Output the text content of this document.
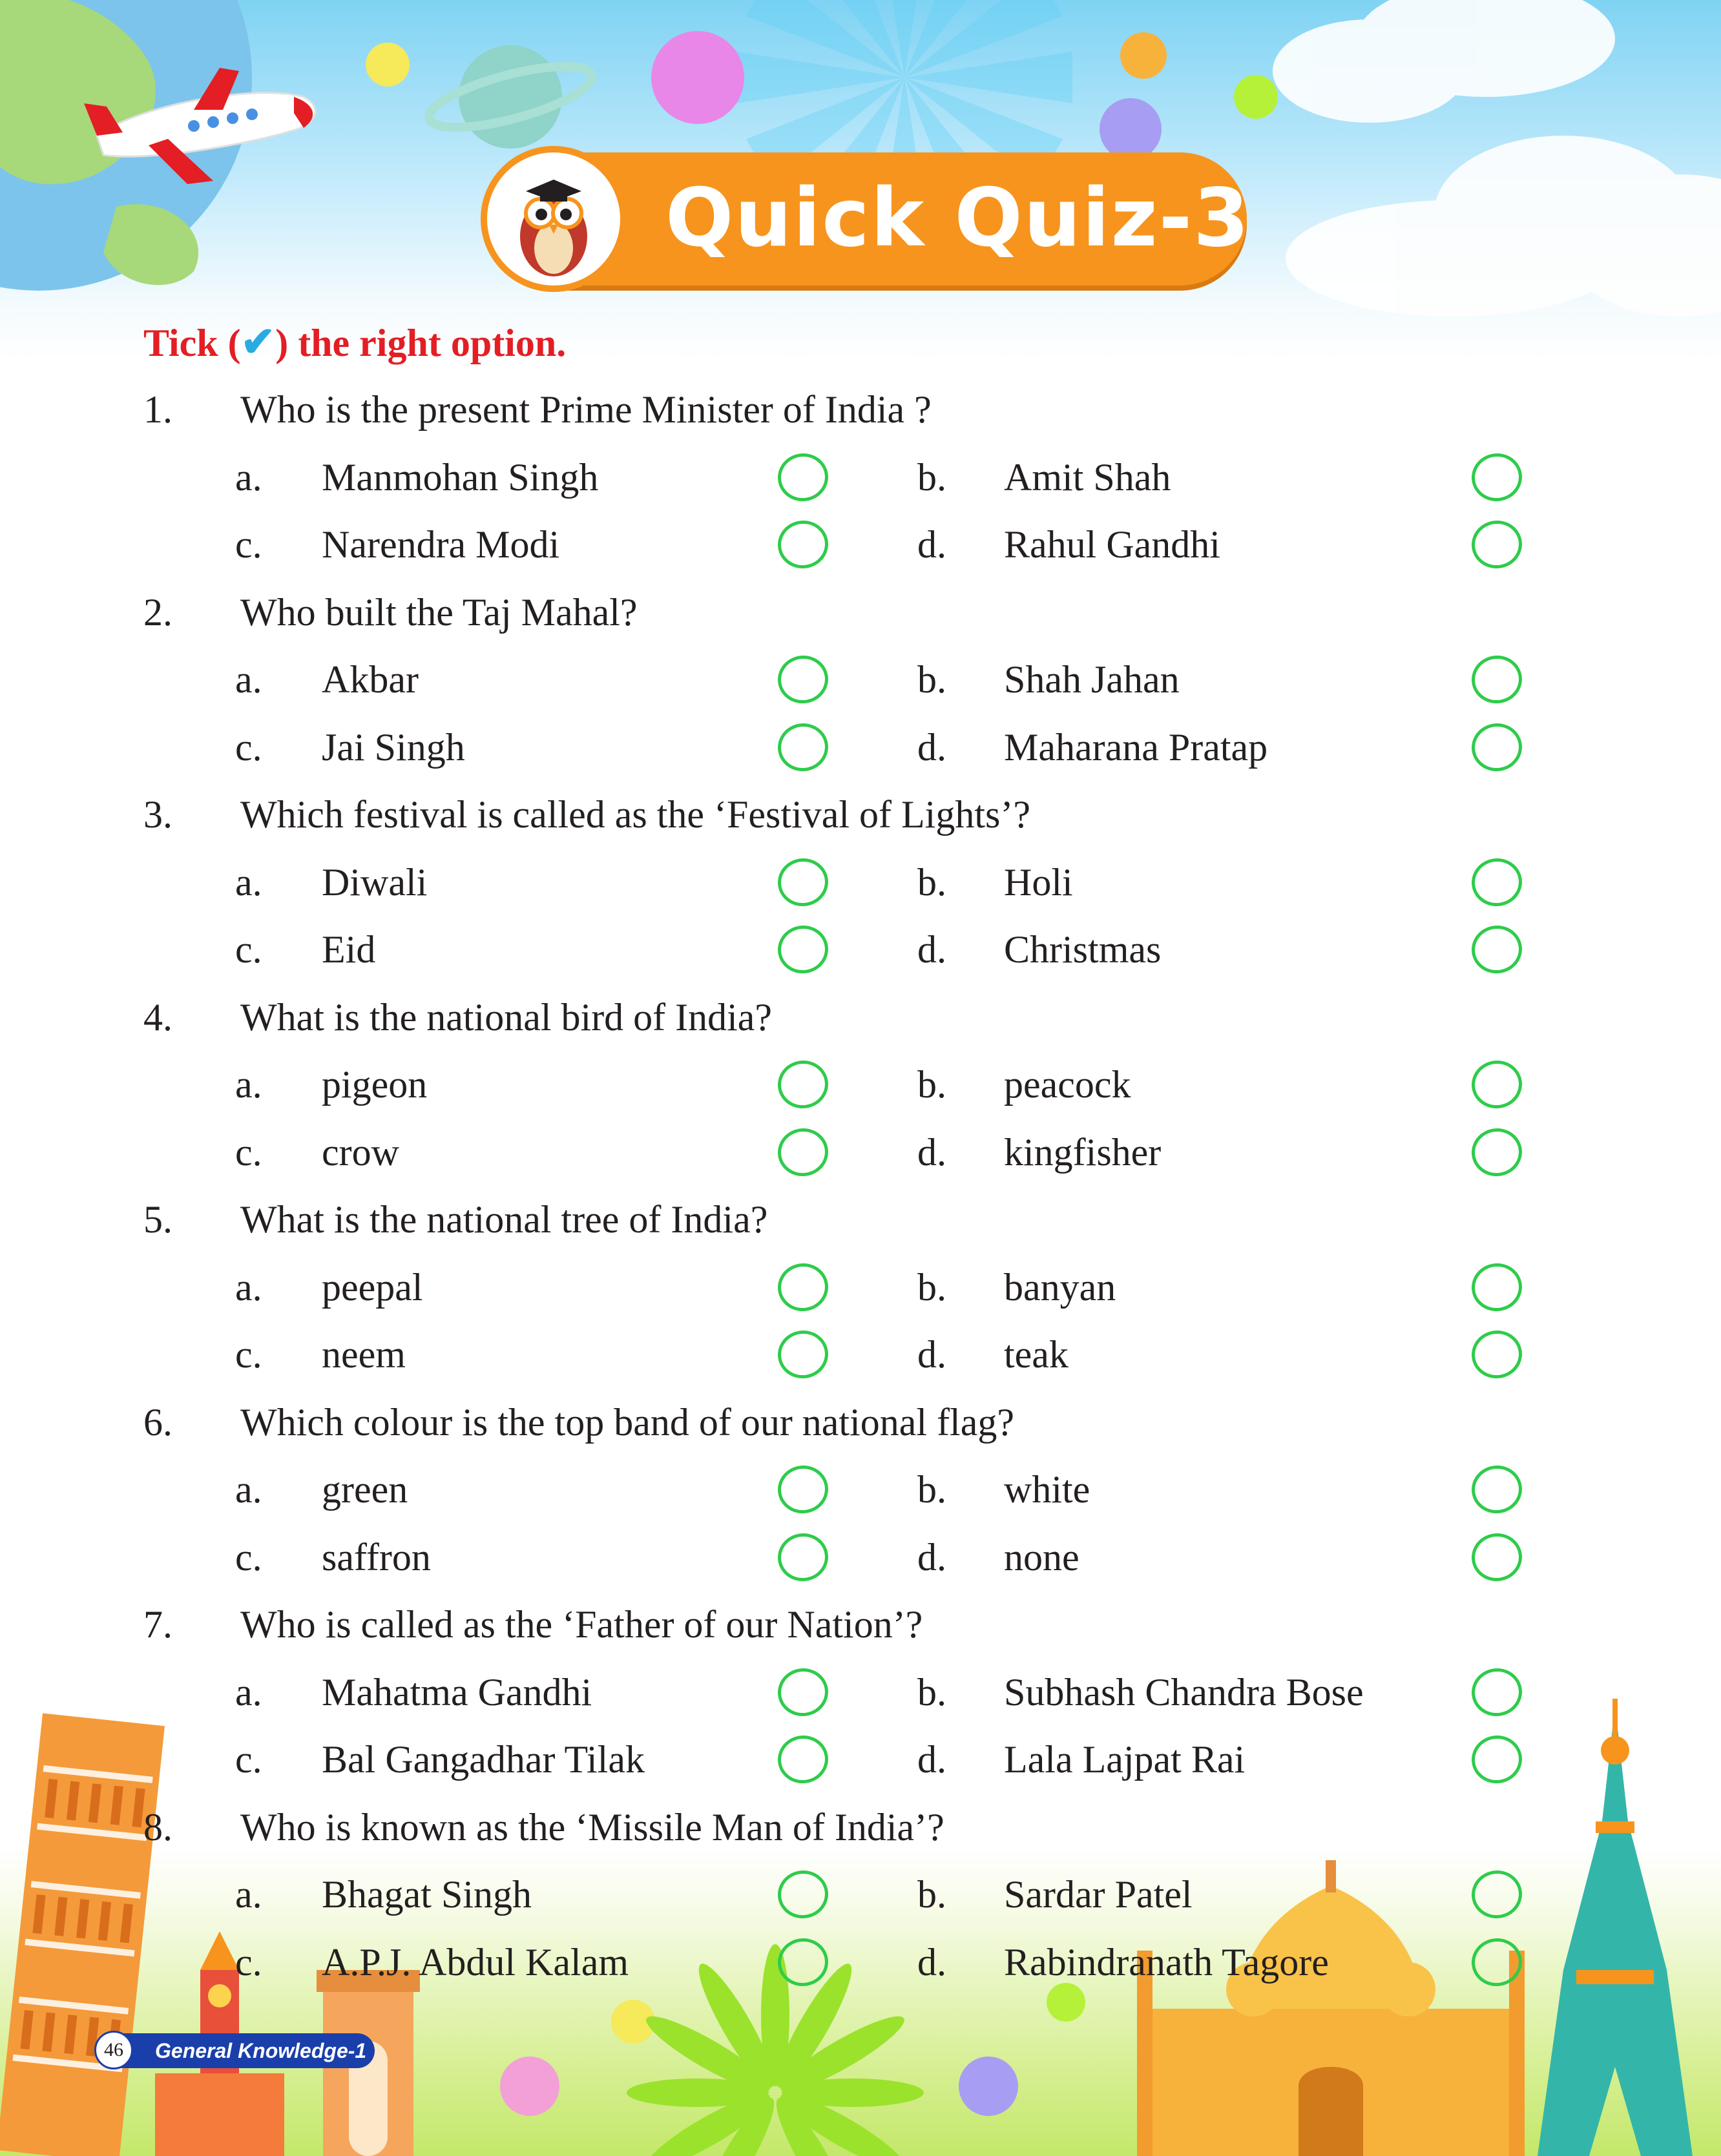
Quick Quiz-3
Tick (✔) the right option.
1.	Who is the present Prime Minister of India ?
a. Manmohan Singh	b. Amit Shah
c. Narendra Modi	d. Rahul Gandhi
2.	Who built the Taj Mahal?
a. Akbar	b. Shah Jahan
c. Jai Singh	d. Maharana Pratap
3.	Which festival is called as the ‘Festival of Lights’?
a. Diwali	b. Holi
c. Eid	d. Christmas
4.	What is the national bird of India?
a. pigeon	b. peacock
c. crow	d. kingfisher
5.	What is the national tree of India?
a. peepal	b. banyan
c. neem	d. teak
6.	Which colour is the top band of our national flag?
a. green	b. white
c. saffron	d. none
7.	Who is called as the ‘Father of our Nation’?
a. Mahatma Gandhi	b. Subhash Chandra Bose
c. Bal Gangadhar Tilak	d. Lala Lajpat Rai
8.	Who is known as the ‘Missile Man of India’?
a. Bhagat Singh	b. Sardar Patel
c. A.P.J. Abdul Kalam	d. Rabindranath Tagore
46	General Knowledge-1
